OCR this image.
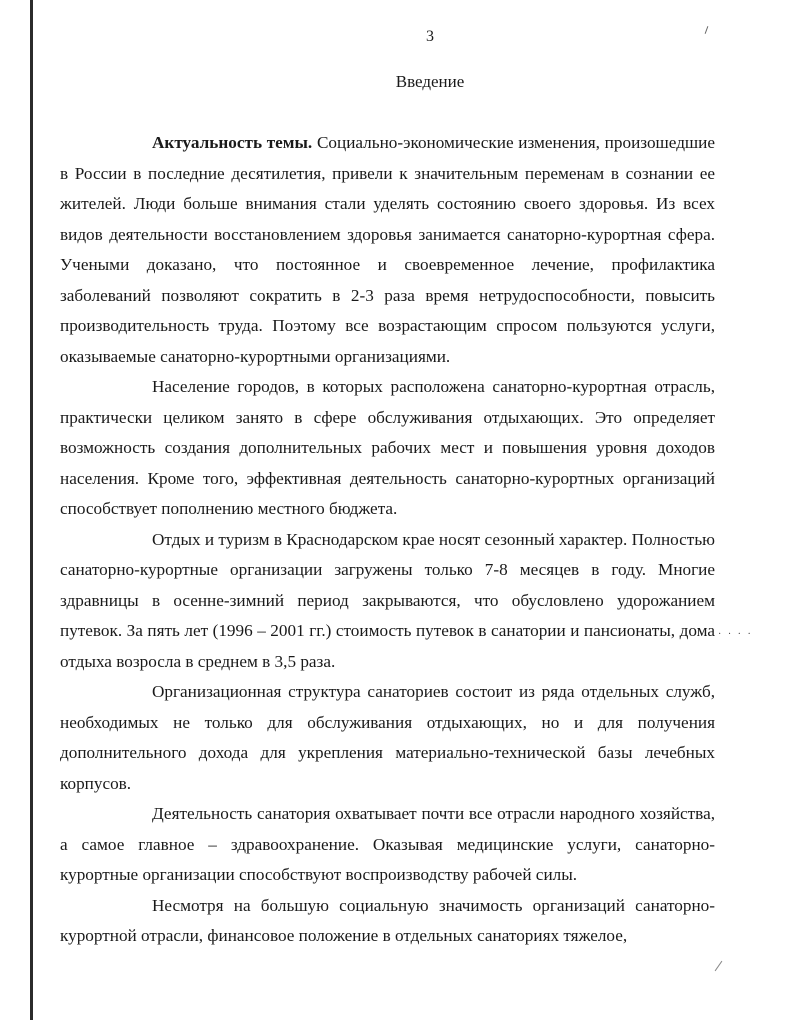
3
Введение

Актуальность темы. Социально-экономические изменения, произошедшие в России в последние десятилетия, привели к значительным переменам в сознании ее жителей. Люди больше внимания стали уделять состоянию своего здоровья. Из всех видов деятельности восстановлением здоровья занимается санаторно-курортная сфера. Учеными доказано, что постоянное и своевременное лечение, профилактика заболеваний позволяют сократить в 2-3 раза время нетрудоспособности, повысить производительность труда. Поэтому все возрастающим спросом пользуются услуги, оказываемые санаторно-курортными организациями.

Население городов, в которых расположена санаторно-курортная отрасль, практически целиком занято в сфере обслуживания отдыхающих. Это определяет возможность создания дополнительных рабочих мест и повышения уровня доходов населения. Кроме того, эффективная деятельность санаторно-курортных организаций способствует пополнению местного бюджета.

Отдых и туризм в Краснодарском крае носят сезонный характер. Полностью санаторно-курортные организации загружены только 7-8 месяцев в году. Многие здравницы в осенне-зимний период закрываются, что обусловлено удорожанием путевок. За пять лет (1996 – 2001 гг.) стоимость путевок в санатории и пансионаты, дома отдыха возросла в среднем в 3,5 раза.

Организационная структура санаториев состоит из ряда отдельных служб, необходимых не только для обслуживания отдыхающих, но и для получения дополнительного дохода для укрепления материально-технической базы лечебных корпусов.

Деятельность санатория охватывает почти все отрасли народного хозяйства, а самое главное – здравоохранение. Оказывая медицинские услуги, санаторно-курортные организации способствуют воспроизводству рабочей силы.

Несмотря на большую социальную значимость организаций санаторно-курортной отрасли, финансовое положение в отдельных санаториях тяжелое,

· · · ·
